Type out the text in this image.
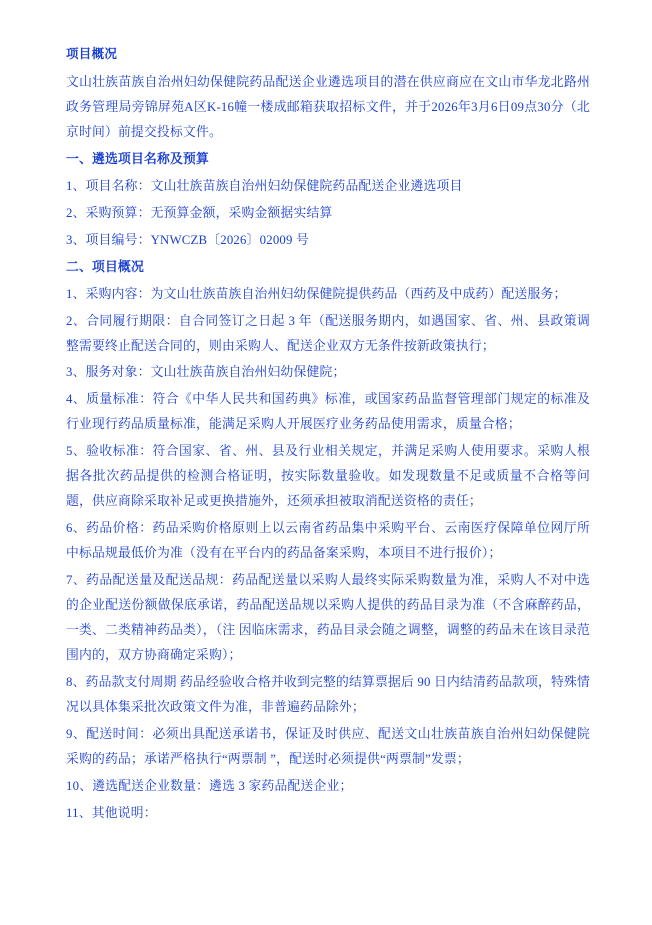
项目概况

文山壮族苗族自治州妇幼保健院药品配送企业遴选项目的潜在供应商应在文山市华龙北路州政务管理局旁锦屏苑A区K-16幢一楼成邮箱获取招标文件，并于2026年3月6日09点30分（北京时间）前提交投标文件。

一、遴选项目名称及预算

1、项目名称：文山壮族苗族自治州妇幼保健院药品配送企业遴选项目

2、采购预算：无预算金额，采购金额据实结算

3、项目编号：YNWCZB〔2026〕02009 号

二、项目概况

1、采购内容：为文山壮族苗族自治州妇幼保健院提供药品（西药及中成药）配送服务；

2、合同履行期限：自合同签订之日起 3 年（配送服务期内，如遇国家、省、州、县政策调整需要终止配送合同的，则由采购人、配送企业双方无条件按新政策执行；

3、服务对象：文山壮族苗族自治州妇幼保健院；

4、质量标准：符合《中华人民共和国药典》标准，或国家药品监督管理部门规定的标准及行业现行药品质量标准，能满足采购人开展医疗业务药品使用需求，质量合格；

5、验收标准：符合国家、省、州、县及行业相关规定，并满足采购人使用要求。采购人根据各批次药品提供的检测合格证明，按实际数量验收。如发现数量不足或质量不合格等问题，供应商除采取补足或更换措施外，还须承担被取消配送资格的责任；

6、药品价格：药品采购价格原则上以云南省药品集中采购平台、云南医疗保障单位网厅所中标品规最低价为准（没有在平台内的药品备案采购，本项目不进行报价）；

7、药品配送量及配送品规：药品配送量以采购人最终实际采购数量为准，采购人不对中选的企业配送份额做保底承诺，药品配送品规以采购人提供的药品目录为准（不含麻醉药品，一类、二类精神药品类），（注 因临床需求，药品目录会随之调整，调整的药品未在该目录范围内的，双方协商确定采购）；

8、药品款支付周期 药品经验收合格并收到完整的结算票据后 90 日内结清药品款项，特殊情况以具体集采批次政策文件为准，非普遍药品除外；

9、配送时间：必须出具配送承诺书，保证及时供应、配送文山壮族苗族自治州妇幼保健院采购的药品；承诺严格执行“两票制 ”，配送时必须提供“两票制”发票；

10、遴选配送企业数量：遴选 3 家药品配送企业；

11、其他说明：
